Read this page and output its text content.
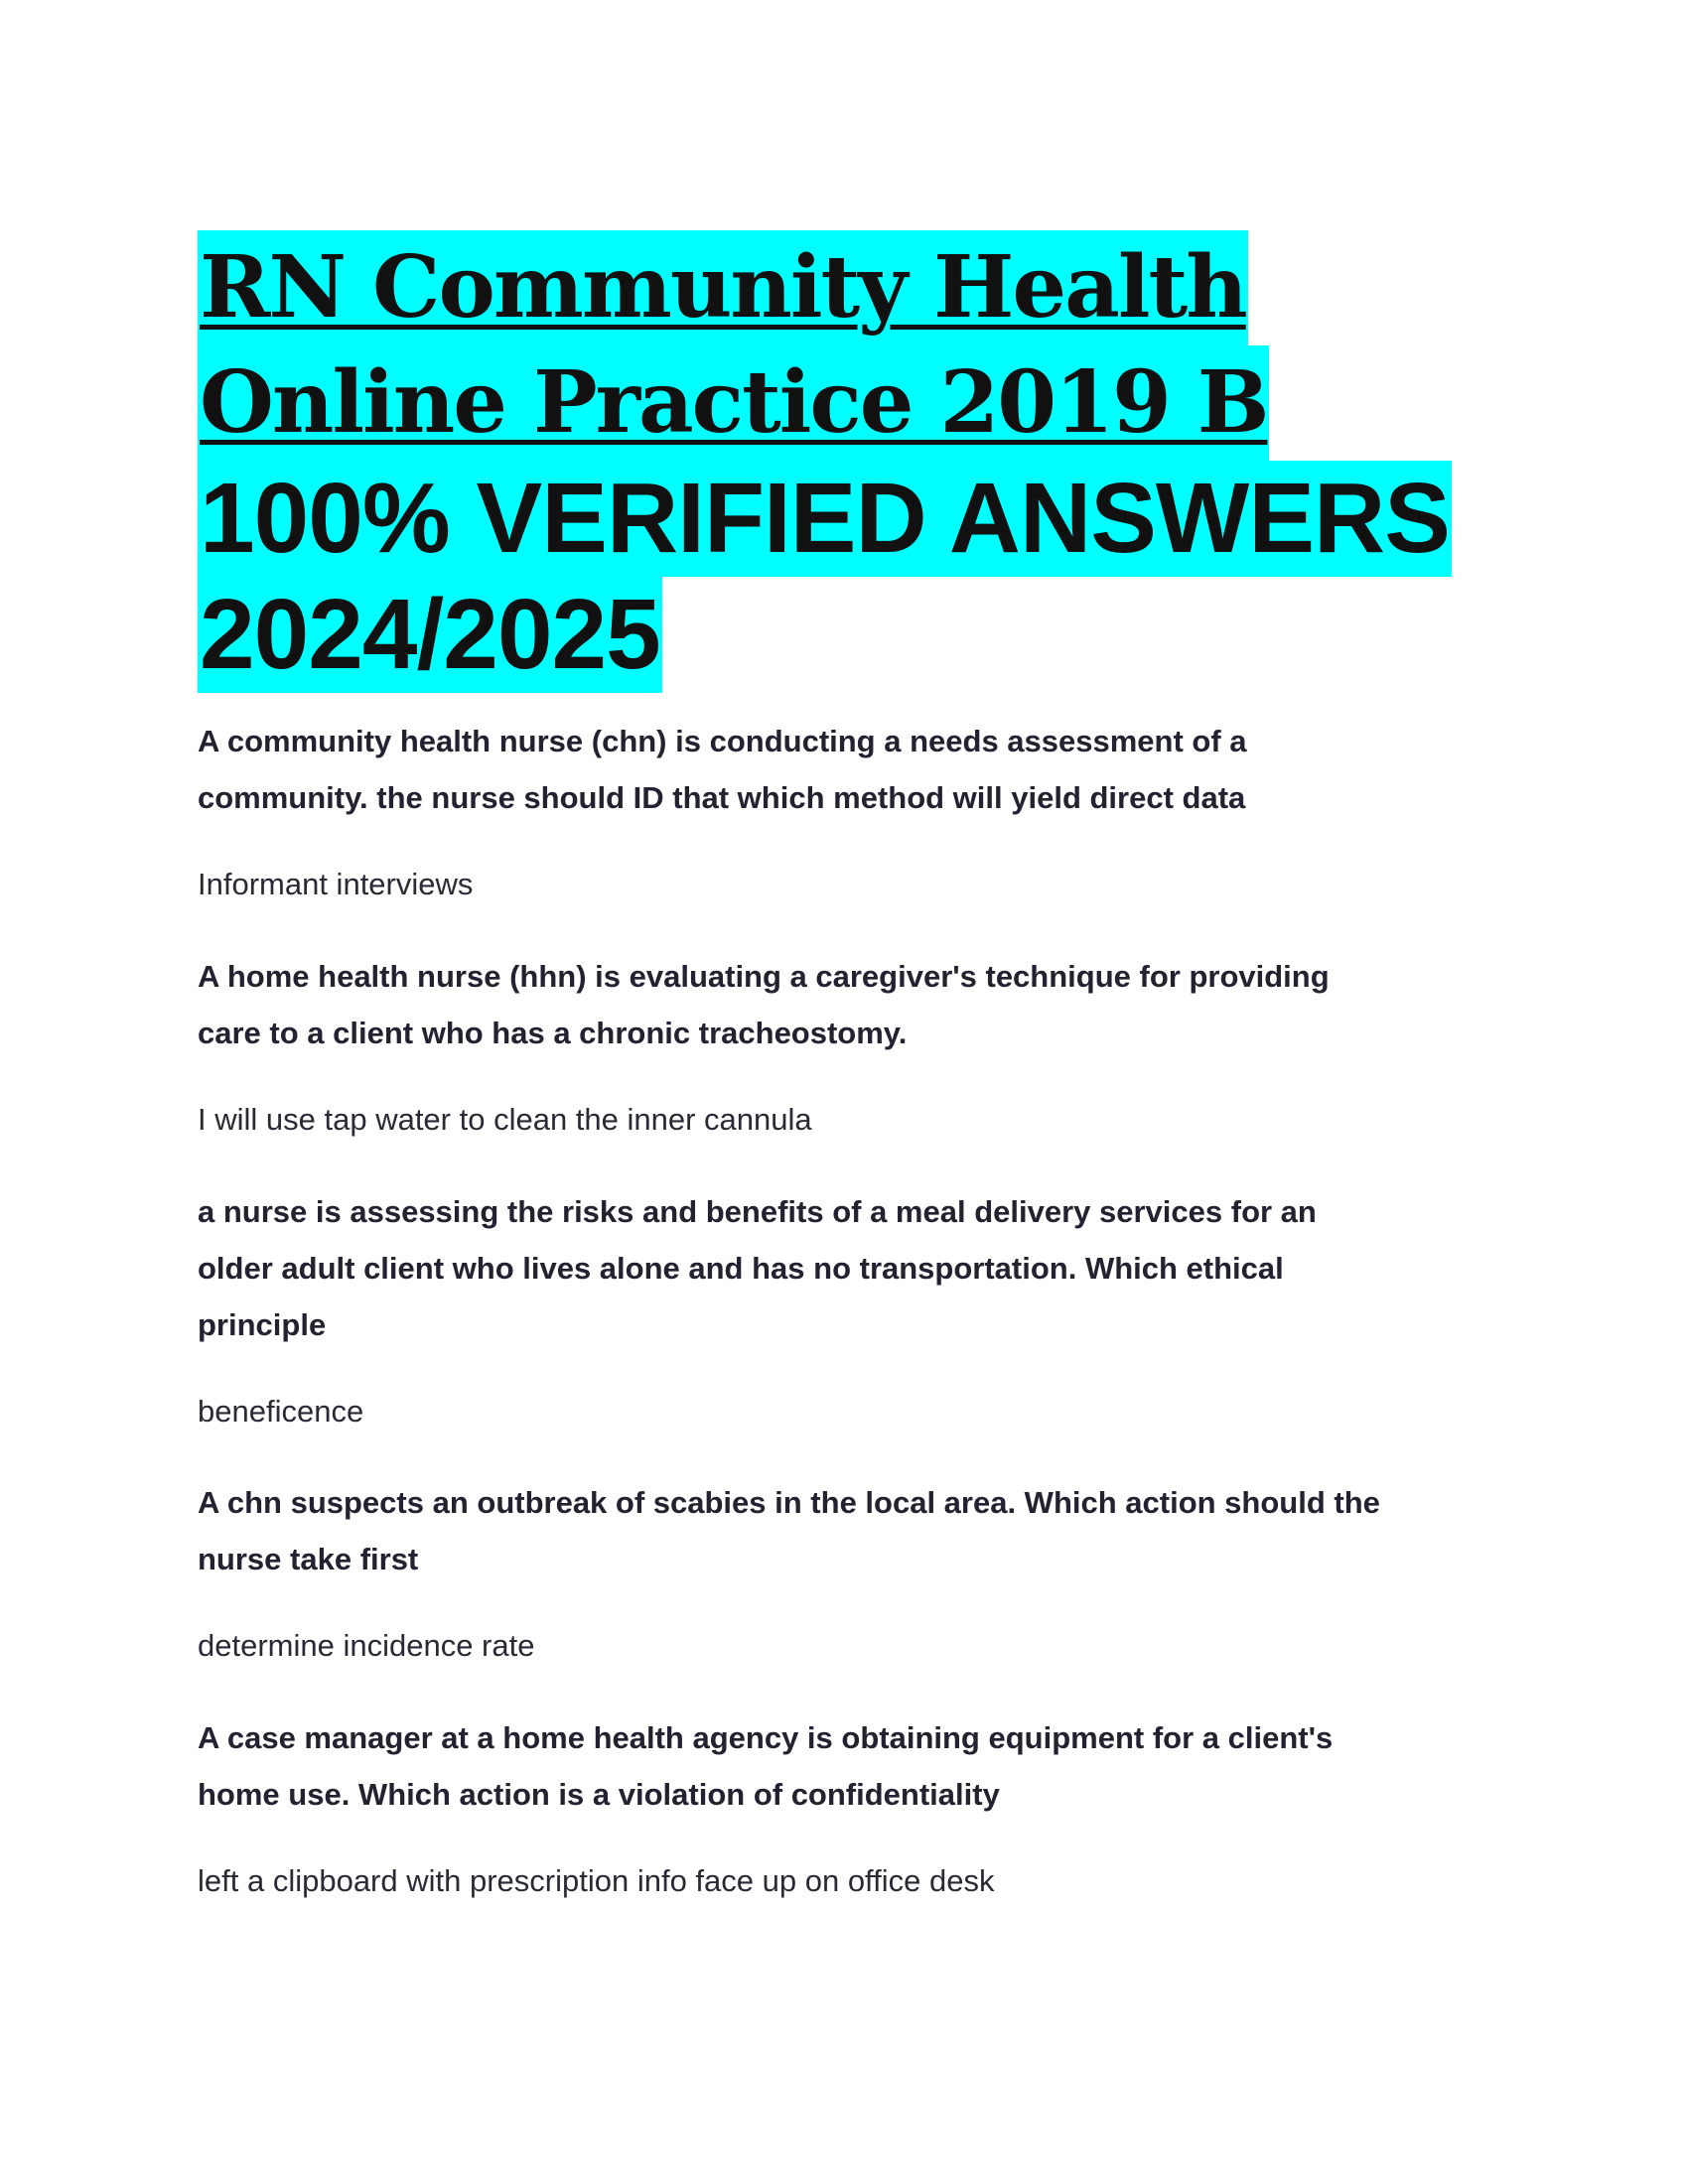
RN Community Health
Online Practice 2019 B
100% VERIFIED ANSWERS
2024/2025

A community health nurse (chn) is conducting a needs assessment of a
community. the nurse should ID that which method will yield direct data

Informant interviews

A home health nurse (hhn) is evaluating a caregiver's technique for providing
care to a client who has a chronic tracheostomy.

I will use tap water to clean the inner cannula

a nurse is assessing the risks and benefits of a meal delivery services for an
older adult client who lives alone and has no transportation. Which ethical
principle

beneficence

A chn suspects an outbreak of scabies in the local area. Which action should the
nurse take first

determine incidence rate

A case manager at a home health agency is obtaining equipment for a client's
home use. Which action is a violation of confidentiality

left a clipboard with prescription info face up on office desk
